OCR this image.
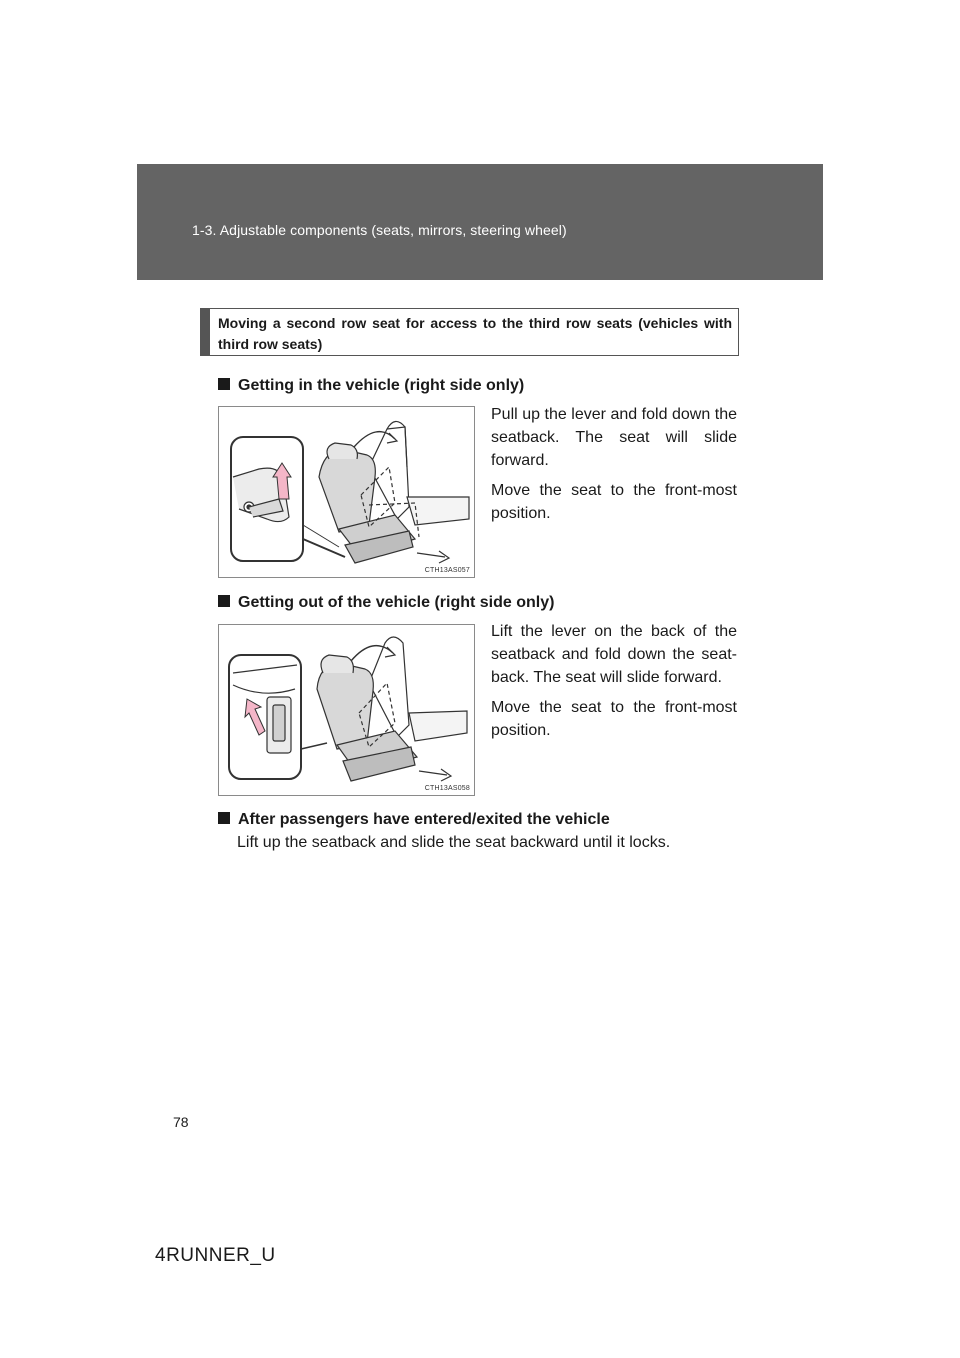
1-3. Adjustable components (seats, mirrors, steering wheel)
Moving a second row seat for access to the third row seats (vehicles with third row seats)
Getting in the vehicle (right side only)
CTH13AS057

Pull up the lever and fold down the seatback. The seat will slide forward.

Move the seat to the front-most position.

Getting out of the vehicle (right side only)
CTH13AS058

Lift the lever on the back of the seatback and fold down the seat-back. The seat will slide forward.

Move the seat to the front-most position.

After passengers have entered/exited the vehicle
Lift up the seatback and slide the seat backward until it locks.
78
4RUNNER_U
